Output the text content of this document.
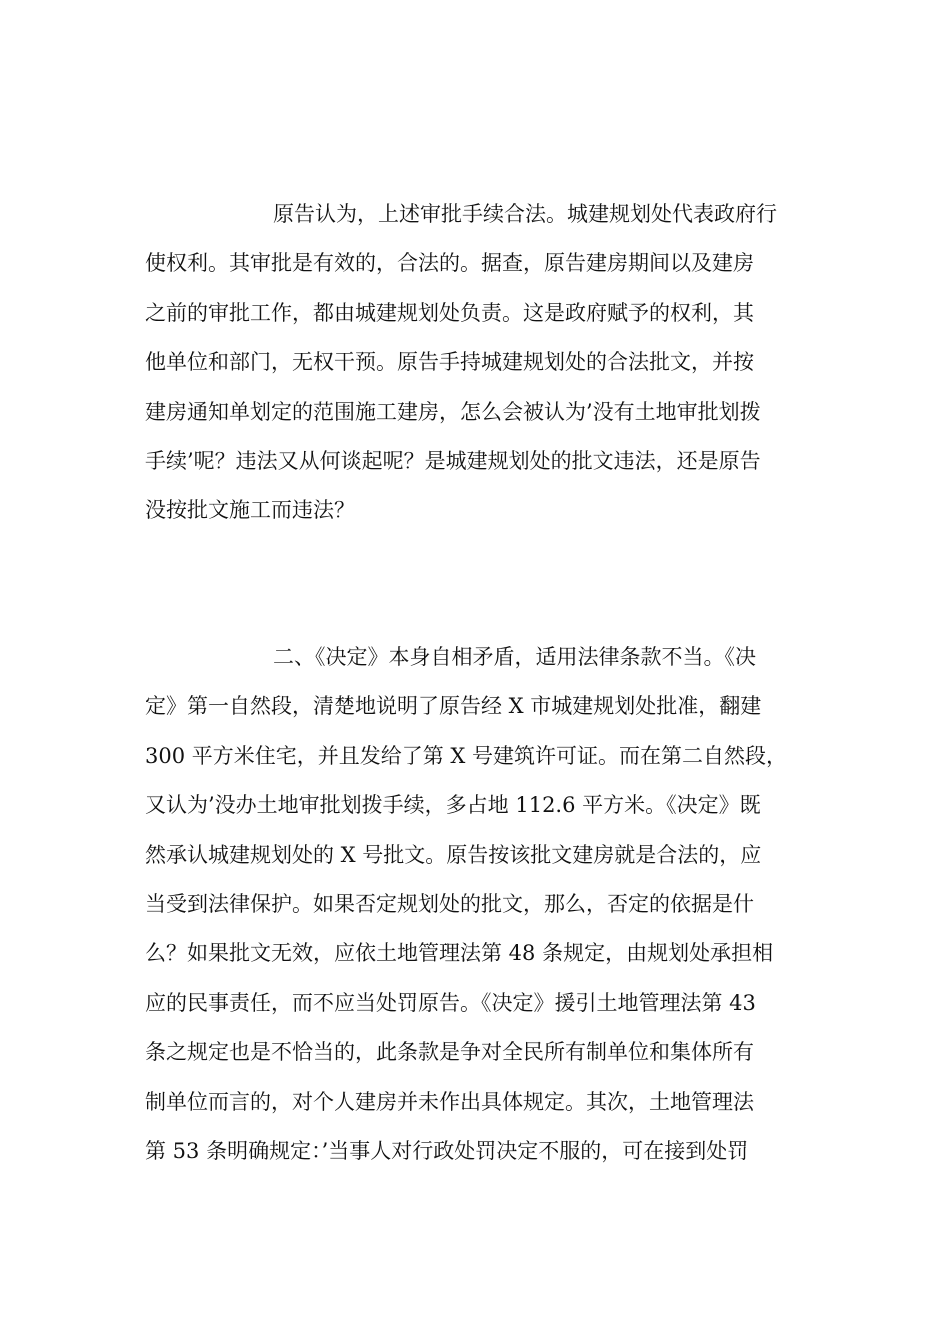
原告认为，上述审批手续合法。城建规划处代表政府行
使权利。其审批是有效的，合法的。据查，原告建房期间以及建房
之前的审批工作，都由城建规划处负责。这是政府赋予的权利，其
他单位和部门，无权干预。原告手持城建规划处的合法批文，并按
建房通知单划定的范围施工建房，怎么会被认为’没有土地审批划拨
手续’呢？违法又从何谈起呢？是城建规划处的批文违法，还是原告
没按批文施工而违法？
二、《决定》本身自相矛盾，适用法律条款不当。《决
定》第一自然段，清楚地说明了原告经 X 市城建规划处批准，翻建
300 平方米住宅，并且发给了第 X 号建筑许可证。而在第二自然段，
又认为’没办土地审批划拨手续，多占地 112.6 平方米。《决定》既
然承认城建规划处的 X 号批文。原告按该批文建房就是合法的，应
当受到法律保护。如果否定规划处的批文，那么，否定的依据是什
么？如果批文无效，应依土地管理法第 48 条规定，由规划处承担相
应的民事责任，而不应当处罚原告。《决定》援引土地管理法第 43
条之规定也是不恰当的，此条款是争对全民所有制单位和集体所有
制单位而言的，对个人建房并未作出具体规定。其次，土地管理法
第 53 条明确规定：’当事人对行政处罚决定不服的，可在接到处罚
